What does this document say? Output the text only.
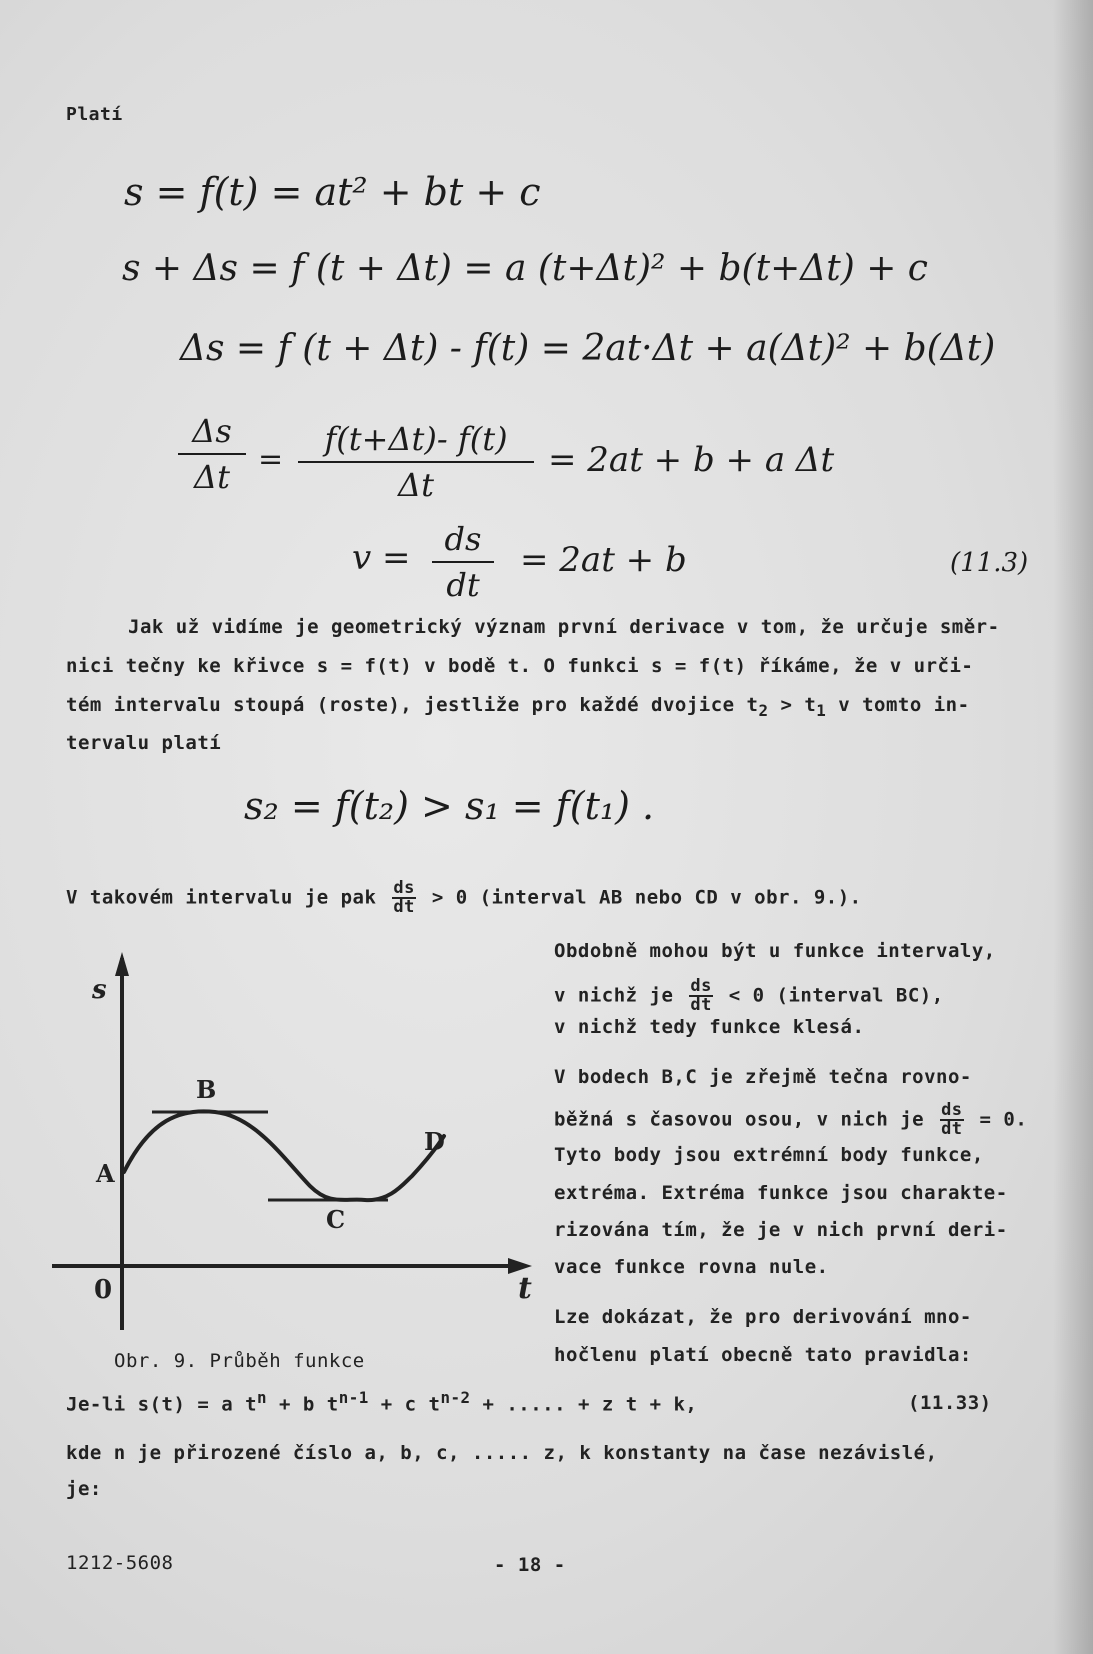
Platí
s = f(t) = at² + bt + c
s + Δs = f (t + Δt) = a (t+Δt)² + b(t+Δt) + c
Δs = f (t + Δt) - f(t) = 2at·Δt + a(Δt)² + b(Δt)
Δs
Δt =
f(t+Δt)- f(t)
Δt
= 2at + b + a Δt
v =	ds
dt
= 2at + b	(11.3)
Jak už vidíme je geometrický význam první derivace v tom, že určuje směr-
nici tečny ke křivce s = f(t) v bodě t. O funkci s = f(t) říkáme, že v urči-
tém intervalu stoupá (roste), jestliže pro každé dvojice $t_2 > t_1$ v tomto in-
tervalu platí
s₂ = f(t₂) > s₁ = f(t₁) .
V takovém intervalu je pak $\frac{ds}{dt} > 0$ (interval AB nebo CD v obr. 9.).
Obdobně mohou být u funkce intervaly,
v nichž je $\frac{ds}{dt} < 0$ (interval BC),
v nichž tedy funkce klesá.
V bodech B,C je zřejmě tečna rovno-
běžná s časovou osou, v nich je $\frac{ds}{dt} = 0$.
Tyto body jsou extrémní body funkce,
extréma. Extréma funkce jsou charakte-
rizována tím, že je v nich první deri-
vace funkce rovna nule.
Lze dokázat, že pro derivování mno-
hočlenu platí obecně tato pravidla:
s
t
0
A
B
C
D
Obr. 9. Průběh funkce
Je-li s(t) = a $t^n + b$ $t^{n-1} + c$ $t^{n-2}$ + ..... + z t + k,	(11.33)
kde n je přirozené číslo a, b, c, ..... z, k konstanty na čase nezávislé,
je:
1212-5608	- 18 -
